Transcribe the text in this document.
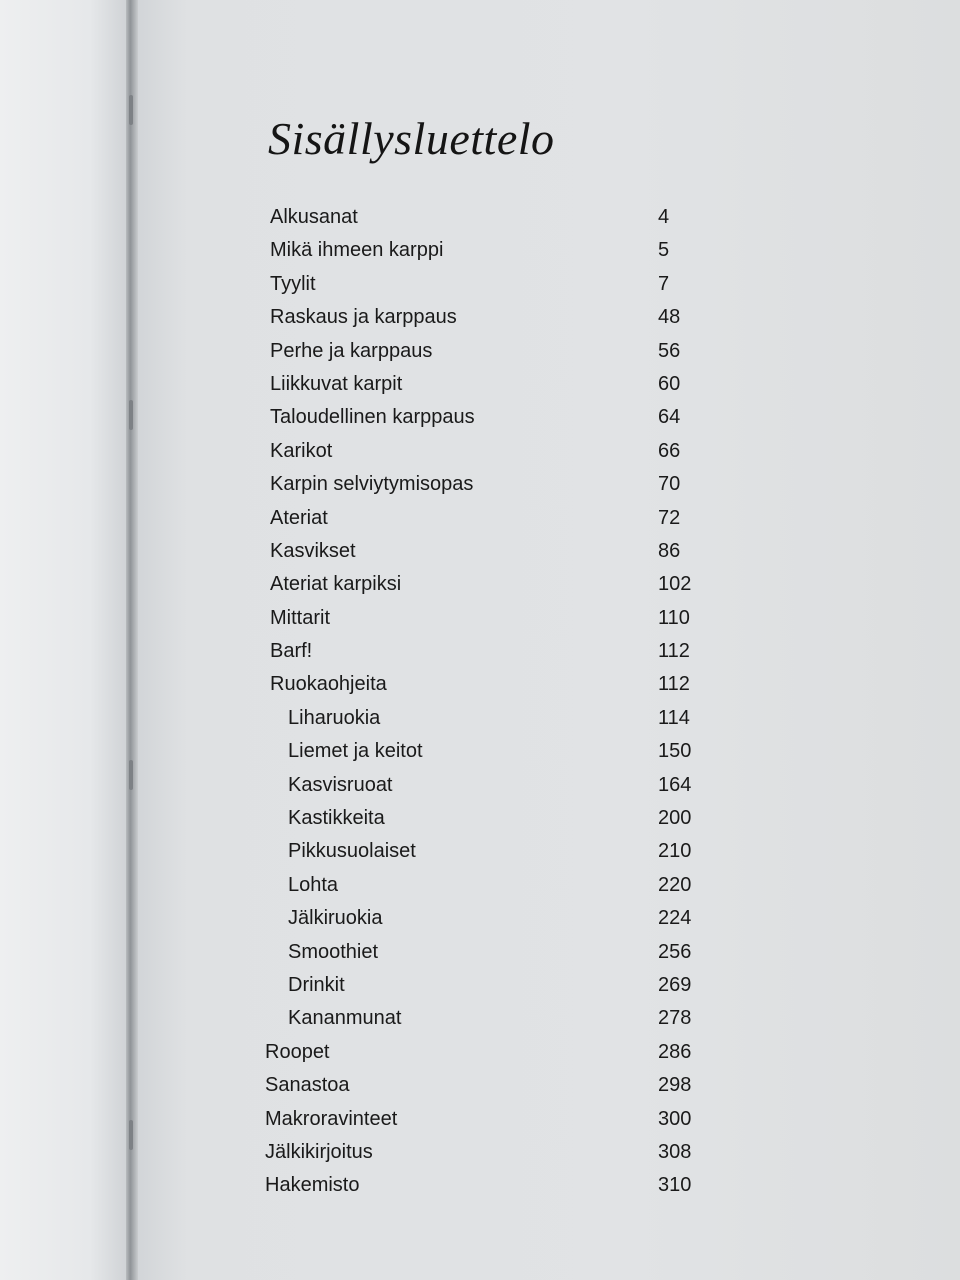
Sisällysluettelo
Alkusanat	4
Mikä ihmeen karppi	5
Tyylit	7
Raskaus ja karppaus	48
Perhe ja karppaus	56
Liikkuvat karpit	60
Taloudellinen karppaus	64
Karikot	66
Karpin selviytymisopas	70
Ateriat	72
Kasvikset	86
Ateriat karpiksi	102
Mittarit	110
Barf!	112
Ruokaohjeita	112
Liharuokia	114
Liemet ja keitot	150
Kasvisruoat	164
Kastikkeita	200
Pikkusuolaiset	210
Lohta	220
Jälkiruokia	224
Smoothiet	256
Drinkit	269
Kananmunat	278
Roopet	286
Sanastoa	298
Makroravinteet	300
Jälkikirjoitus	308
Hakemisto	310
